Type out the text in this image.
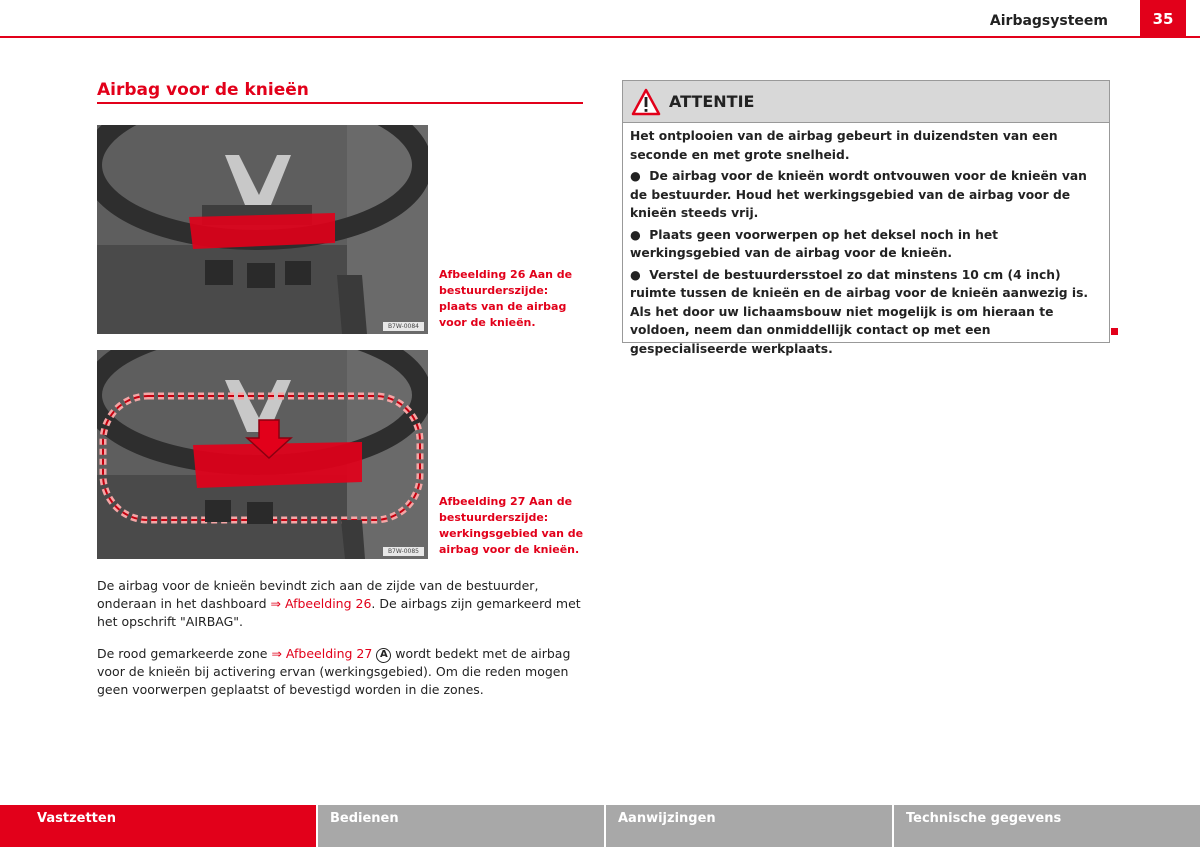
Airbagsysteem	35
Airbag voor de knieën
B7W-0084
Afbeelding 26 Aan de bestuurderszijde: plaats van de airbag voor de knieën.
B7W-0085
Afbeelding 27 Aan de bestuurderszijde: werkingsgebied van de airbag voor de knieën.
De airbag voor de knieën bevindt zich aan de zijde van de bestuurder, onderaan in het dashboard ⇒ Afbeelding 26. De airbags zijn gemarkeerd met het opschrift "AIRBAG".
De rood gemarkeerde zone ⇒ Afbeelding 27 A wordt bedekt met de airbag voor de knieën bij activering ervan (werkingsgebied). Om die reden mogen geen voorwerpen geplaatst of bevestigd worden in die zones.
ATTENTIE

Het ontplooien van de airbag gebeurt in duizendsten van een seconde en met grote snelheid.

●  De airbag voor de knieën wordt ontvouwen voor de knieën van de bestuurder. Houd het werkingsgebied van de airbag voor de knieën steeds vrij.

●  Plaats geen voorwerpen op het deksel noch in het werkingsgebied van de airbag voor de knieën.

●  Verstel de bestuurdersstoel zo dat minstens 10 cm (4 inch) ruimte tussen de knieën en de airbag voor de knieën aanwezig is. Als het door uw lichaamsbouw niet mogelijk is om hieraan te voldoen, neem dan onmiddellijk contact op met een gespecialiseerde werkplaats.

Vastzetten	Bedienen	Aanwijzingen	Technische gegevens
